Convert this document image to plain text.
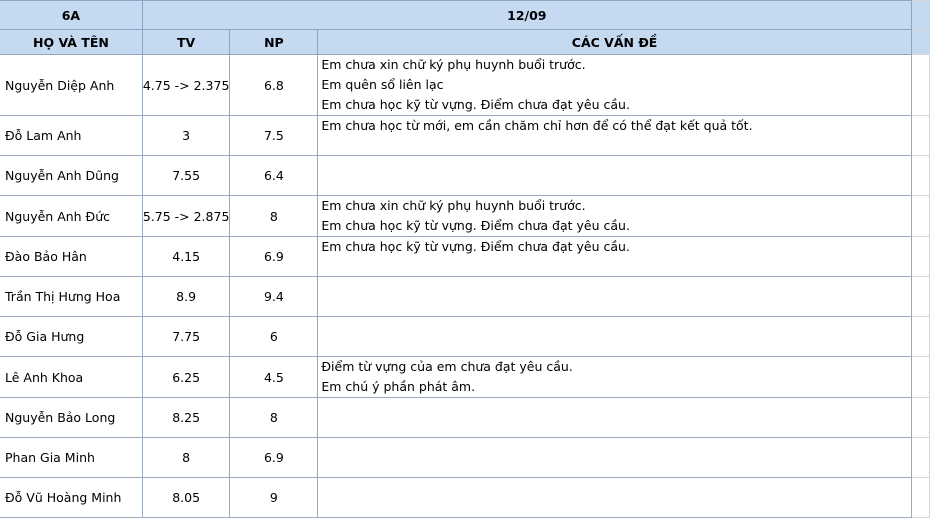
6A	12/09			
HỌ VÀ TÊN	TV	NP	CÁC VẤN ĐỀ	
Nguyễn Diệp Anh	4.75 -> 2.375	6.8	Em chưa xin chữ ký phụ huynh buổi trước.
Em quên sổ liên lạc
Em chưa học kỹ từ vựng. Điểm chưa đạt yêu cầu.	

Đỗ Lam Anh	3	7.5	Em chưa học từ mới, em cần chăm chỉ hơn để có thể đạt kết quả tốt.	

Nguyễn Anh Dũng	7.55	6.4		
Nguyễn Anh Đức	5.75 -> 2.875	8	Em chưa xin chữ ký phụ huynh buổi trước.
Em chưa học kỹ từ vựng. Điểm chưa đạt yêu cầu.	

Đào Bảo Hân	4.15	6.9	Em chưa học kỹ từ vựng. Điểm chưa đạt yêu cầu.	

Trần Thị Hưng Hoa	8.9	9.4		
Đỗ Gia Hưng	7.75	6		
Lê Anh Khoa	6.25	4.5	Điểm từ vựng của em chưa đạt yêu cầu.
Em chú ý phần phát âm.	

Nguyễn Bảo Long	8.25	8		
Phan Gia Minh	8	6.9		
Đỗ Vũ Hoàng Minh	8.05	9		
